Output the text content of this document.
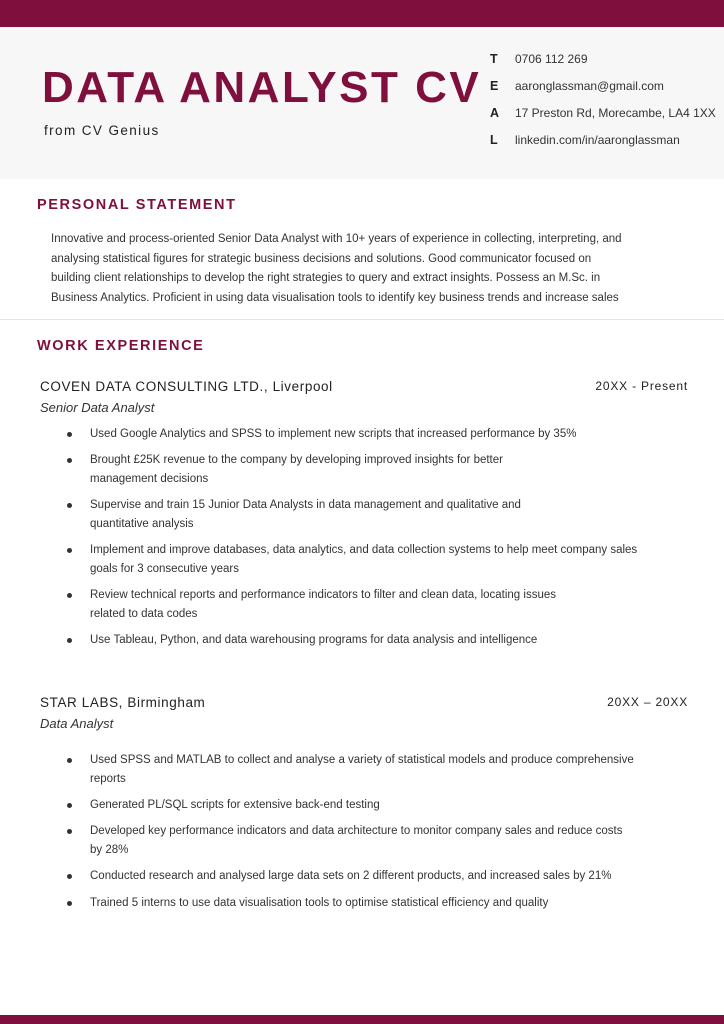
DATA ANALYST CV
from CV Genius
T	0706 112 269
E	aaronglassman@gmail.com
A	17 Preston Rd, Morecambe, LA4 1XX
L	linkedin.com/in/aaronglassman
PERSONAL STATEMENT
Innovative and process-oriented Senior Data Analyst with 10+ years of experience in collecting, interpreting, and
analysing statistical figures for strategic business decisions and solutions. Good communicator focused on
building client relationships to develop the right strategies to query and extract insights. Possess an M.Sc. in
Business Analytics. Proficient in using data visualisation tools to identify key business trends and increase sales
WORK EXPERIENCE
COVEN DATA CONSULTING LTD., Liverpool	20XX - Present
Senior Data Analyst
Used Google Analytics and SPSS to implement new scripts that increased performance by 35%
Brought £25K revenue to the company by developing improved insights for better
management decisions
Supervise and train 15 Junior Data Analysts in data management and qualitative and
quantitative analysis
Implement and improve databases, data analytics, and data collection systems to help meet company sales
goals for 3 consecutive years
Review technical reports and performance indicators to filter and clean data, locating issues
related to data codes
Use Tableau, Python, and data warehousing programs for data analysis and intelligence
STAR LABS, Birmingham	20XX – 20XX
Data Analyst
Used SPSS and MATLAB to collect and analyse a variety of statistical models and produce comprehensive
reports
Generated PL/SQL scripts for extensive back-end testing
Developed key performance indicators and data architecture to monitor company sales and reduce costs
by 28%
Conducted research and analysed large data sets on 2 different products, and increased sales by 21%
Trained 5 interns to use data visualisation tools to optimise statistical efficiency and quality
